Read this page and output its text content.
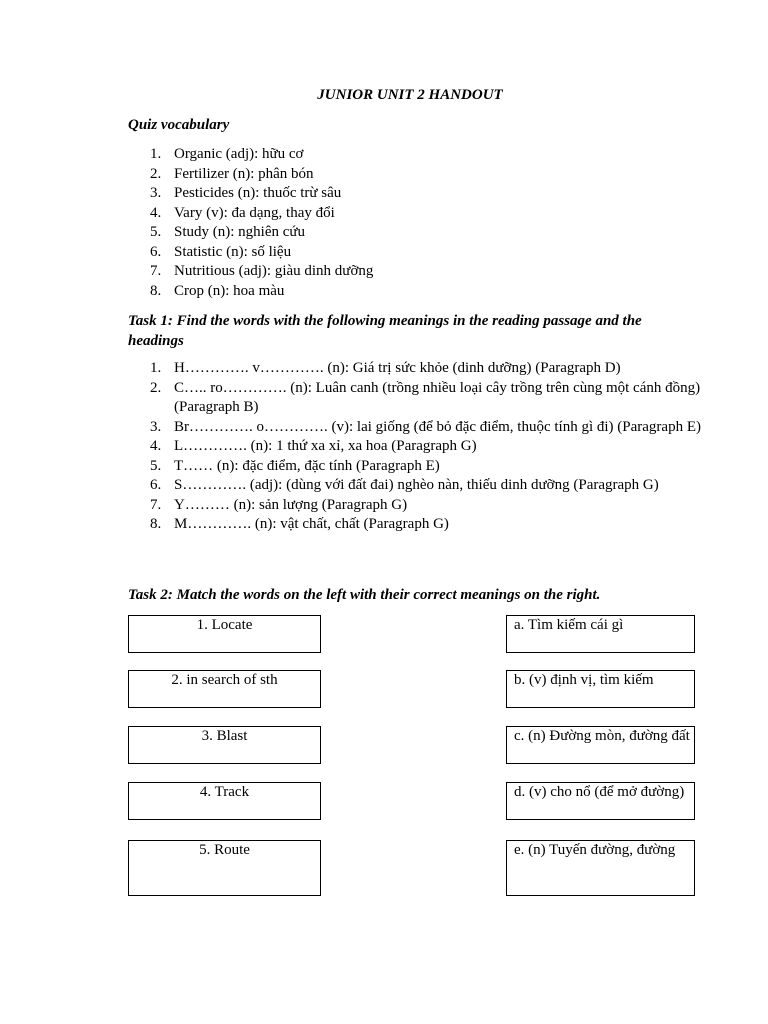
JUNIOR UNIT 2 HANDOUT
Quiz vocabulary
1. Organic (adj): hữu cơ
2. Fertilizer (n): phân bón
3. Pesticides (n): thuốc trừ sâu
4. Vary (v): đa dạng, thay đổi
5. Study (n): nghiên cứu
6. Statistic (n): số liệu
7. Nutritious (adj): giàu dinh dưỡng
8. Crop (n): hoa màu
Task 1: Find the words with the following meanings in the reading passage and the headings
1. H…………. v…………. (n): Giá trị sức khỏe (dinh dưỡng) (Paragraph D)
2. C….. ro…………. (n): Luân canh (trồng nhiều loại cây trồng trên cùng một cánh đồng) (Paragraph B)
3. Br…………. o…………. (v): lai giống (để bỏ đặc điểm, thuộc tính gì đi) (Paragraph E)
4. L…………. (n): 1 thứ xa xỉ, xa hoa (Paragraph G)
5. T…… (n): đặc điểm, đặc tính (Paragraph E)
6. S…………. (adj): (dùng với đất đai) nghèo nàn, thiếu dinh dưỡng (Paragraph G)
7. Y……… (n): sản lượng (Paragraph G)
8. M…………. (n): vật chất, chất (Paragraph G)
Task 2: Match the words on the left with their correct meanings on the right.
1. Locate
2. in search of sth
3. Blast
4. Track
5. Route
a. Tìm kiếm cái gì
b. (v) định vị, tìm kiếm
c. (n) Đường mòn, đường đất
d. (v) cho nổ (để mở đường)
e. (n) Tuyến đường, đường
